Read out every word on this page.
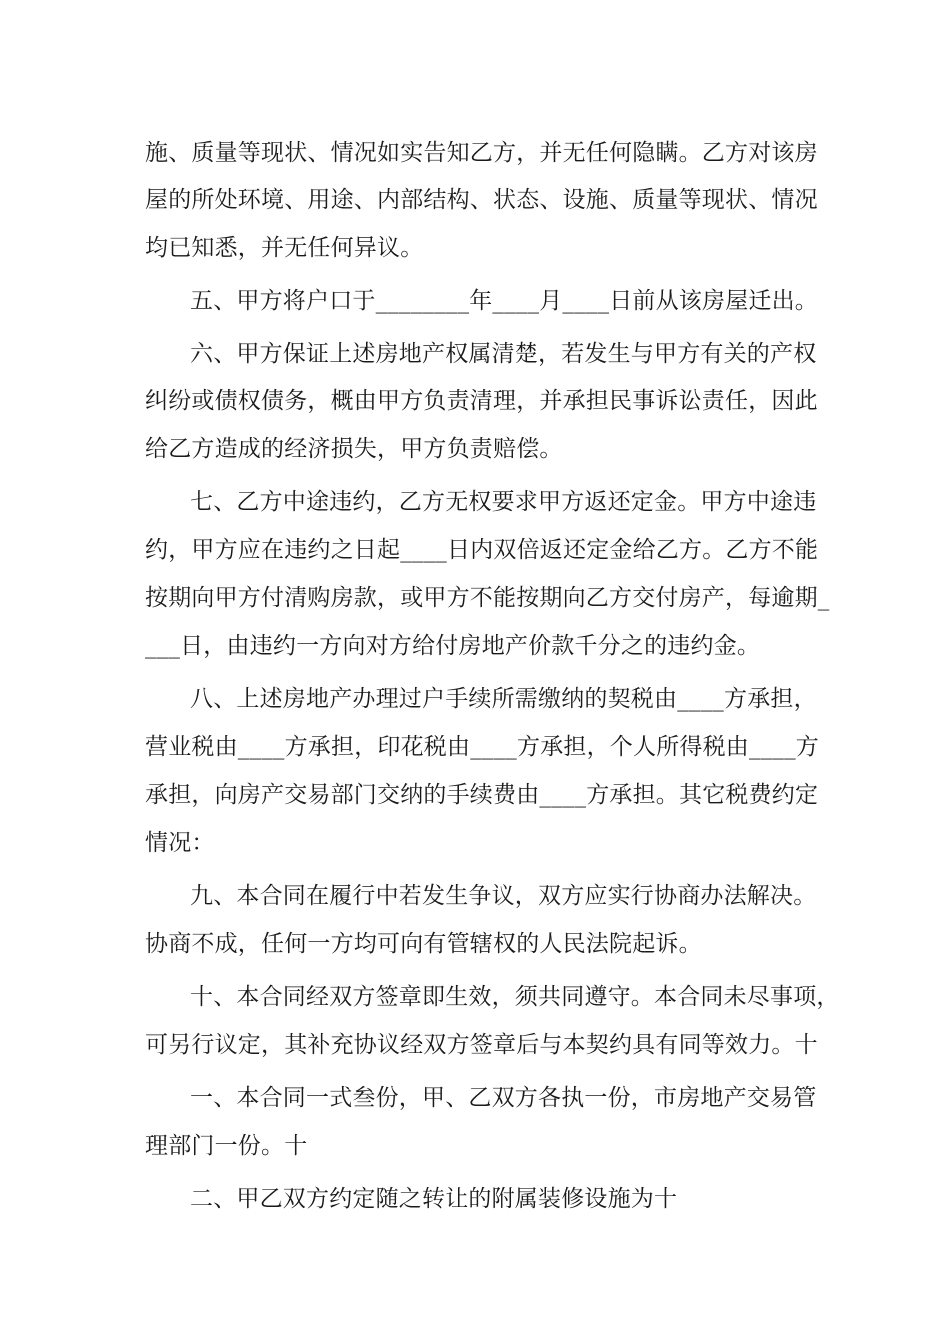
施、质量等现状、情况如实告知乙方，并无任何隐瞒。乙方对该房
屋的所处环境、用途、内部结构、状态、设施、质量等现状、情况
均已知悉，并无任何异议。
五、甲方将户口于________年____月____日前从该房屋迁出。
六、甲方保证上述房地产权属清楚，若发生与甲方有关的产权
纠纷或债权债务，概由甲方负责清理，并承担民事诉讼责任，因此
给乙方造成的经济损失，甲方负责赔偿。
七、乙方中途违约，乙方无权要求甲方返还定金。甲方中途违
约，甲方应在违约之日起____日内双倍返还定金给乙方。乙方不能
按期向甲方付清购房款，或甲方不能按期向乙方交付房产，每逾期_
___日，由违约一方向对方给付房地产价款千分之的违约金。
八、上述房地产办理过户手续所需缴纳的契税由____方承担，
营业税由____方承担，印花税由____方承担，个人所得税由____方
承担，向房产交易部门交纳的手续费由____方承担。其它税费约定
情况：
九、本合同在履行中若发生争议，双方应实行协商办法解决。
协商不成，任何一方均可向有管辖权的人民法院起诉。
十、本合同经双方签章即生效，须共同遵守。本合同未尽事项，
可另行议定，其补充协议经双方签章后与本契约具有同等效力。十
一、本合同一式叁份，甲、乙双方各执一份，市房地产交易管
理部门一份。十
二、甲乙双方约定随之转让的附属装修设施为十
